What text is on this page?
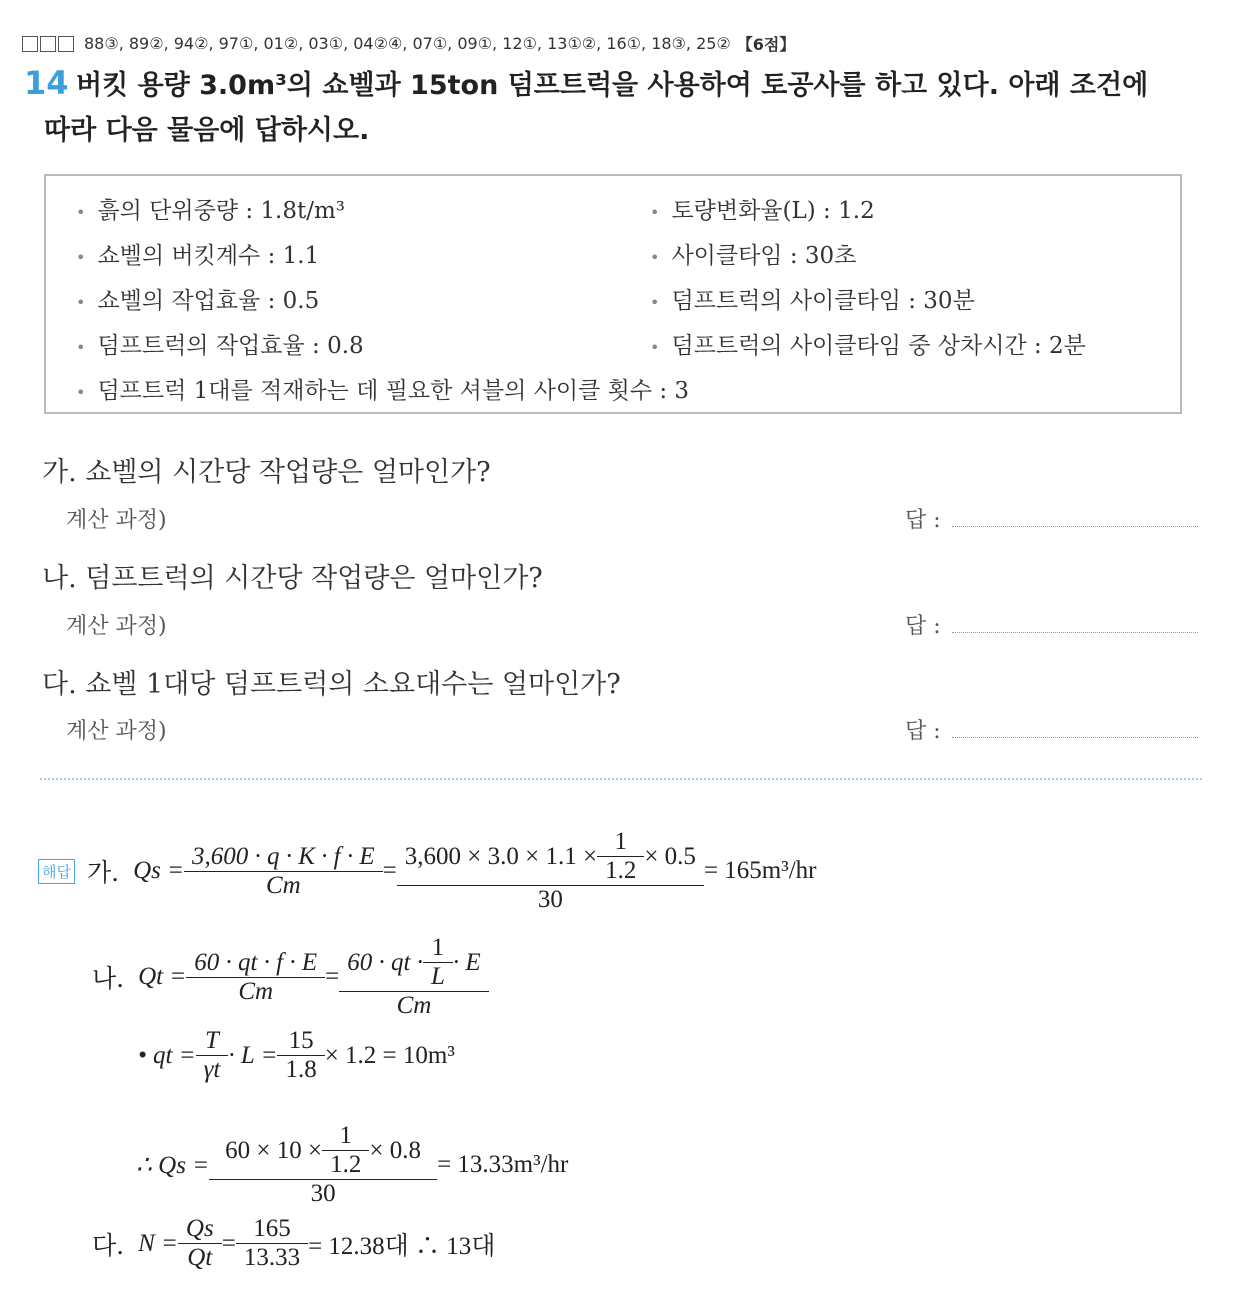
88③, 89②, 94②, 97①, 01②, 03①, 04②④, 07①, 09①, 12①, 13①②, 16①, 18③, 25② 【6점】
14 버킷 용량 3.0m³의 쇼벨과 15ton 덤프트럭을 사용하여 토공사를 하고 있다. 아래 조건에
따라 다음 물음에 답하시오.
• 흙의 단위중량 : 1.8t/m³
• 쇼벨의 버킷계수 : 1.1
• 쇼벨의 작업효율 : 0.5
• 덤프트럭의 작업효율 : 0.8
• 토량변화율(L) : 1.2
• 사이클타임 : 30초
• 덤프트럭의 사이클타임 : 30분
• 덤프트럭의 사이클타임 중 상차시간 : 2분
• 덤프트럭 1대를 적재하는 데 필요한 셔블의 사이클 횟수 : 3
가. 쇼벨의 시간당 작업량은 얼마인가?
계산 과정)	답 :
나. 덤프트럭의 시간당 작업량은 얼마인가?
계산 과정)	답 :
다. 쇼벨 1대당 덤프트럭의 소요대수는 얼마인가?
계산 과정)	답 :
해답 가. $Qs = \frac{3,600 \cdot q \cdot K \cdot f \cdot E}{Cm} = \frac{3,600 \times 3.0 \times 1.1 \times \frac{1}{1.2} \times 0.5}{30} = 165m^3/hr$
나. $Qt = \frac{60 \cdot qt \cdot f \cdot E}{Cm} = \frac{60 \cdot qt \cdot \frac{1}{L} \cdot E}{Cm}$
• qt = $\frac{T}{\gamma t} \cdot L = \frac{15}{1.8} \times 1.2 = 10m^3$
∴ $Qs = \frac{60 \times 10 \times \frac{1}{1.2} \times 0.8}{30} = 13.33m^3/hr$
다. $N = \frac{Qs}{Qt} = \frac{165}{13.33} = 12.38$대 ∴ 13대
